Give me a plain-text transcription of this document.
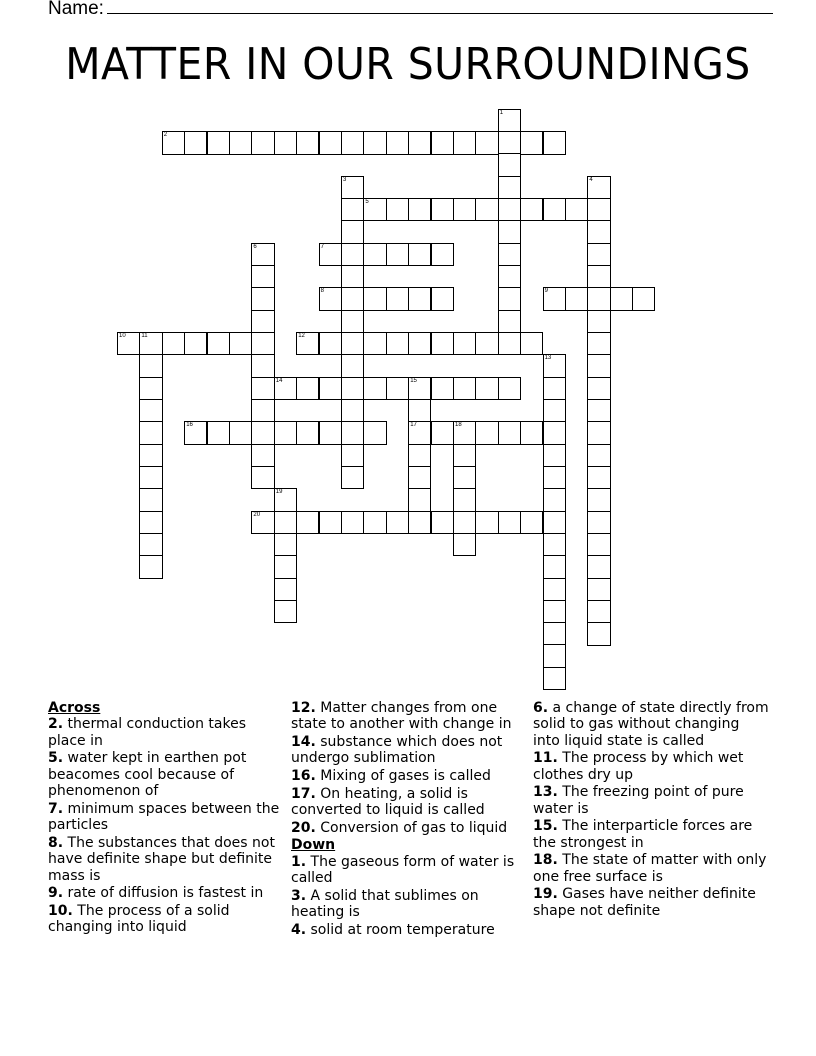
Name:
MATTER IN OUR SURROUNDINGS
1
2
3	4
5
6	7
8	9
10	11	12
13
14	15
17
16	18
19
20
Across
2. thermal conduction takes place in
5. water kept in earthen pot beacomes cool because of phenomenon of
7. minimum spaces between the particles
8. The substances that does not have definite shape but definite mass is
9. rate of diffusion is fastest in
10. The process of a solid changing into liquid
12. Matter changes from one state to another with change in
14. substance which does not undergo sublimation
16. Mixing of gases is called
17. On heating, a solid is converted to liquid is called
20. Conversion of gas to liquid
Down
1. The gaseous form of water is called
3. A solid that sublimes on heating is
4. solid at room temperature
6. a change of state directly from solid to gas without changing into liquid state is called
11. The process by which wet clothes dry up
13. The freezing point of pure water is
15. The interparticle forces are the strongest in
18. The state of matter with only one free surface is
19. Gases have neither definite shape not definite
